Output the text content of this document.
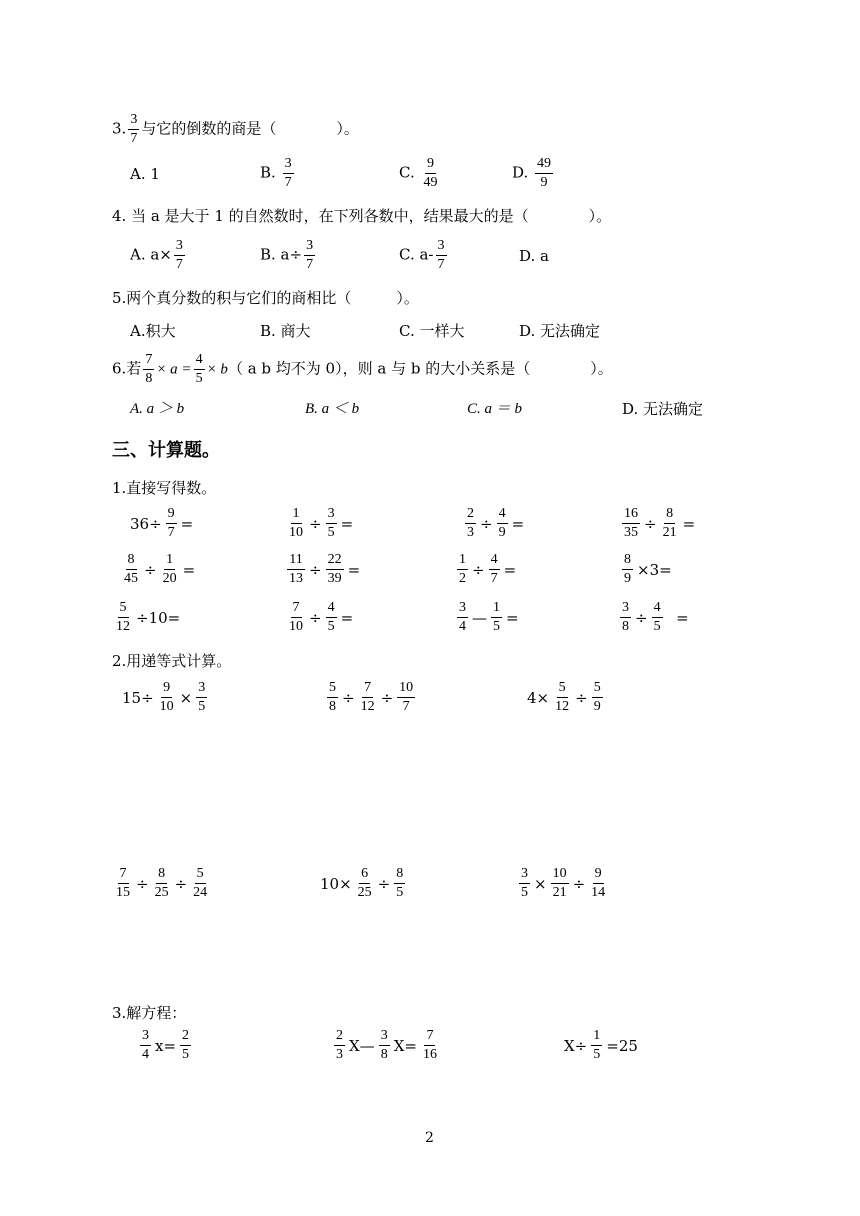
3. $\frac{3}{7}$ 与它的倒数的商是（　　　　）。
A. 1	B. $\frac{3}{7}$	C. $\frac{9}{49}$	D. $\frac{49}{9}$
4. 当 a 是大于 1 的自然数时，在下列各数中，结果最大的是（　　　　）。
A. $a\times \frac{3}{7}$	B. $a\div \frac{3}{7}$	C. $a- \frac{3}{7}$	D. a
5.两个真分数的积与它们的商相比（　　　）。
A.积大	B. 商大	C. 一样大	D. 无法确定
6.若 $\frac{7}{8} \times a = \frac{4}{5} \times b$（ a b 均不为 0），则 a 与 b 的大小关系是（　　　　）。
A. a ＞ b	B. a ＜ b	C. a ＝ b	D. 无法确定
三、计算题。
1.直接写得数。
$36\div \frac{9}{7}$ =	$\frac{1}{10} \div \frac{3}{5}$ =	$\frac{2}{3} \div \frac{4}{9}$ =	$\frac{16}{35} \div \frac{8}{21}$ =
$\frac{8}{45} \div \frac{1}{20}$ =	$\frac{11}{13} \div \frac{22}{39}$ =	$\frac{1}{2} \div \frac{4}{7}$ =	$\frac{8}{9} \times 3=$
$\frac{5}{12} \div 10=$	$\frac{7}{10} \div \frac{4}{5}$ =	$\frac{3}{4}$ — $\frac{1}{5}$ =	$\frac{3}{8} \div \frac{4}{5}$ =
2.用递等式计算。
$15\div \frac{9}{10} \times \frac{3}{5}$	$\frac{5}{8} \div \frac{7}{12} \div \frac{10}{7}$	$4\times \frac{5}{12} \div \frac{5}{9}$
$\frac{7}{15} \div \frac{8}{25} \div \frac{5}{24}$	$10\times \frac{6}{25} \div \frac{8}{5}$	$\frac{3}{5} \times \frac{10}{21} \div \frac{9}{14}$
3.解方程：
$\frac{3}{4} x= \frac{2}{5}$	$\frac{2}{3}$ X— $\frac{3}{8} X= \frac{7}{16}$	$X\div \frac{1}{5} =25$
2
